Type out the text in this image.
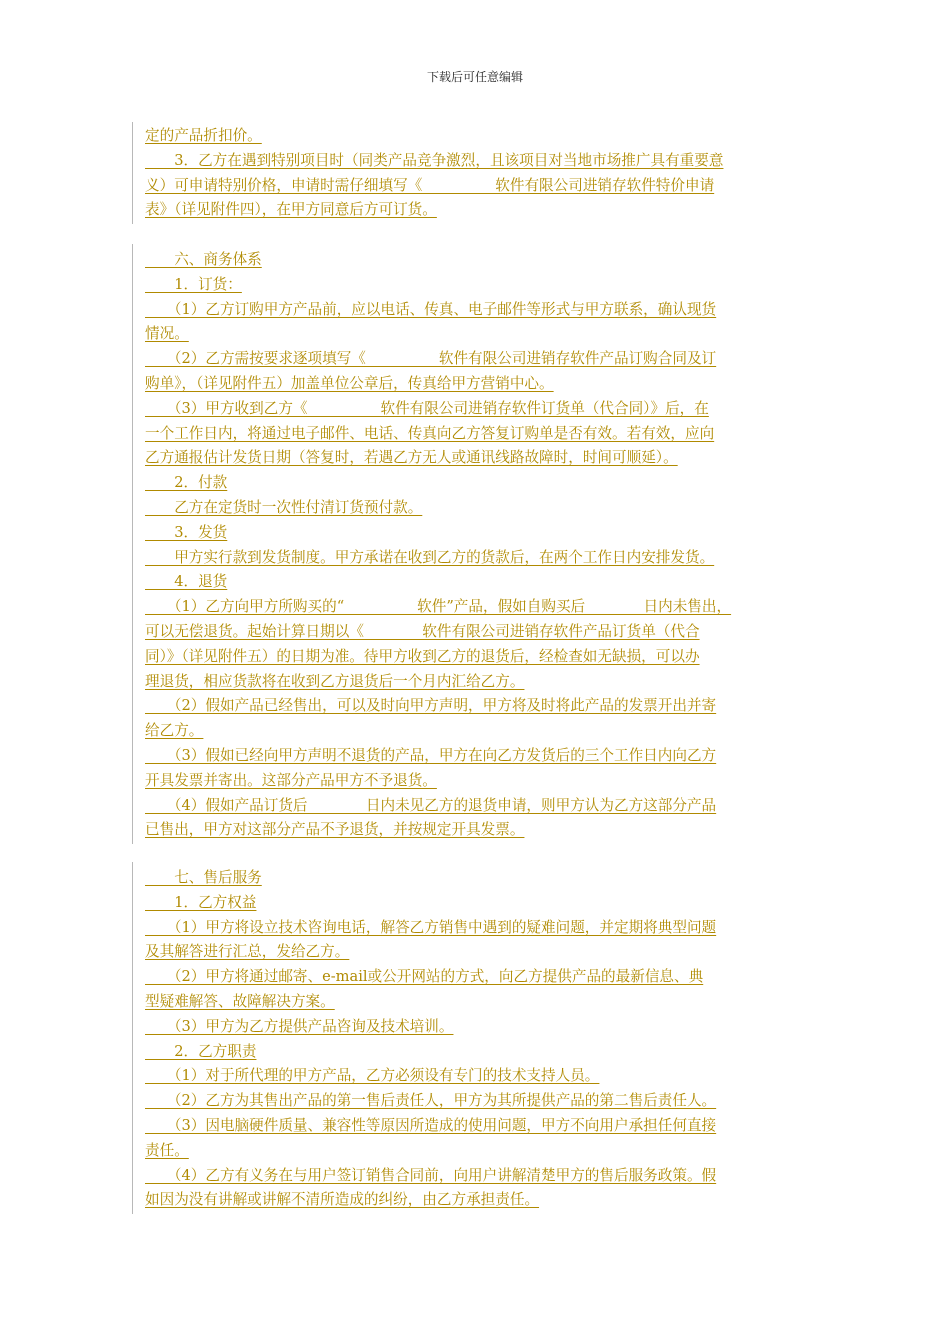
下载后可任意编辑
定的产品折扣价。
　　3．乙方在遇到特别项目时（同类产品竞争激烈，且该项目对当地市场推广具有重要意
义）可申请特别价格，申请时需仔细填写《　　　　　软件有限公司进销存软件特价申请
表》（详见附件四），在甲方同意后方可订货。
　　六、商务体系
　　1．订货：
　　（1）乙方订购甲方产品前，应以电话、传真、电子邮件等形式与甲方联系，确认现货
情况。
　　（2）乙方需按要求逐项填写《　　　　　软件有限公司进销存软件产品订购合同及订
购单》，（详见附件五）加盖单位公章后，传真给甲方营销中心。
　　（3）甲方收到乙方《　　　　　软件有限公司进销存软件订货单（代合同）》后，在
一个工作日内，将通过电子邮件、电话、传真向乙方答复订购单是否有效。若有效，应向
乙方通报估计发货日期（答复时，若遇乙方无人或通讯线路故障时，时间可顺延）。
　　2．付款
　　乙方在定货时一次性付清订货预付款。
　　3．发货
　　甲方实行款到发货制度。甲方承诺在收到乙方的货款后，在两个工作日内安排发货。
　　4．退货
　　（1）乙方向甲方所购买的“　　　　　软件”产品，假如自购买后　　　　日内未售出，
可以无偿退货。起始计算日期以《　　　　软件有限公司进销存软件产品订货单（代合
同）》（详见附件五）的日期为准。待甲方收到乙方的退货后，经检查如无缺损，可以办
理退货，相应货款将在收到乙方退货后一个月内汇给乙方。
　　（2）假如产品已经售出，可以及时向甲方声明，甲方将及时将此产品的发票开出并寄
给乙方。
　　（3）假如已经向甲方声明不退货的产品，甲方在向乙方发货后的三个工作日内向乙方
开具发票并寄出。这部分产品甲方不予退货。
　　（4）假如产品订货后　　　　日内未见乙方的退货申请，则甲方认为乙方这部分产品
已售出，甲方对这部分产品不予退货，并按规定开具发票。
　　七、售后服务
　　1．乙方权益
　　（1）甲方将设立技术咨询电话，解答乙方销售中遇到的疑难问题，并定期将典型问题
及其解答进行汇总，发给乙方。
　　（2）甲方将通过邮寄、e-mail或公开网站的方式，向乙方提供产品的最新信息、典
型疑难解答、故障解决方案。
　　（3）甲方为乙方提供产品咨询及技术培训。
　　2．乙方职责
　　（1）对于所代理的甲方产品，乙方必须设有专门的技术支持人员。
　　（2）乙方为其售出产品的第一售后责任人，甲方为其所提供产品的第二售后责任人。
　　（3）因电脑硬件质量、兼容性等原因所造成的使用问题，甲方不向用户承担任何直接
责任。
　　（4）乙方有义务在与用户签订销售合同前，向用户讲解清楚甲方的售后服务政策。假
如因为没有讲解或讲解不清所造成的纠纷，由乙方承担责任。
